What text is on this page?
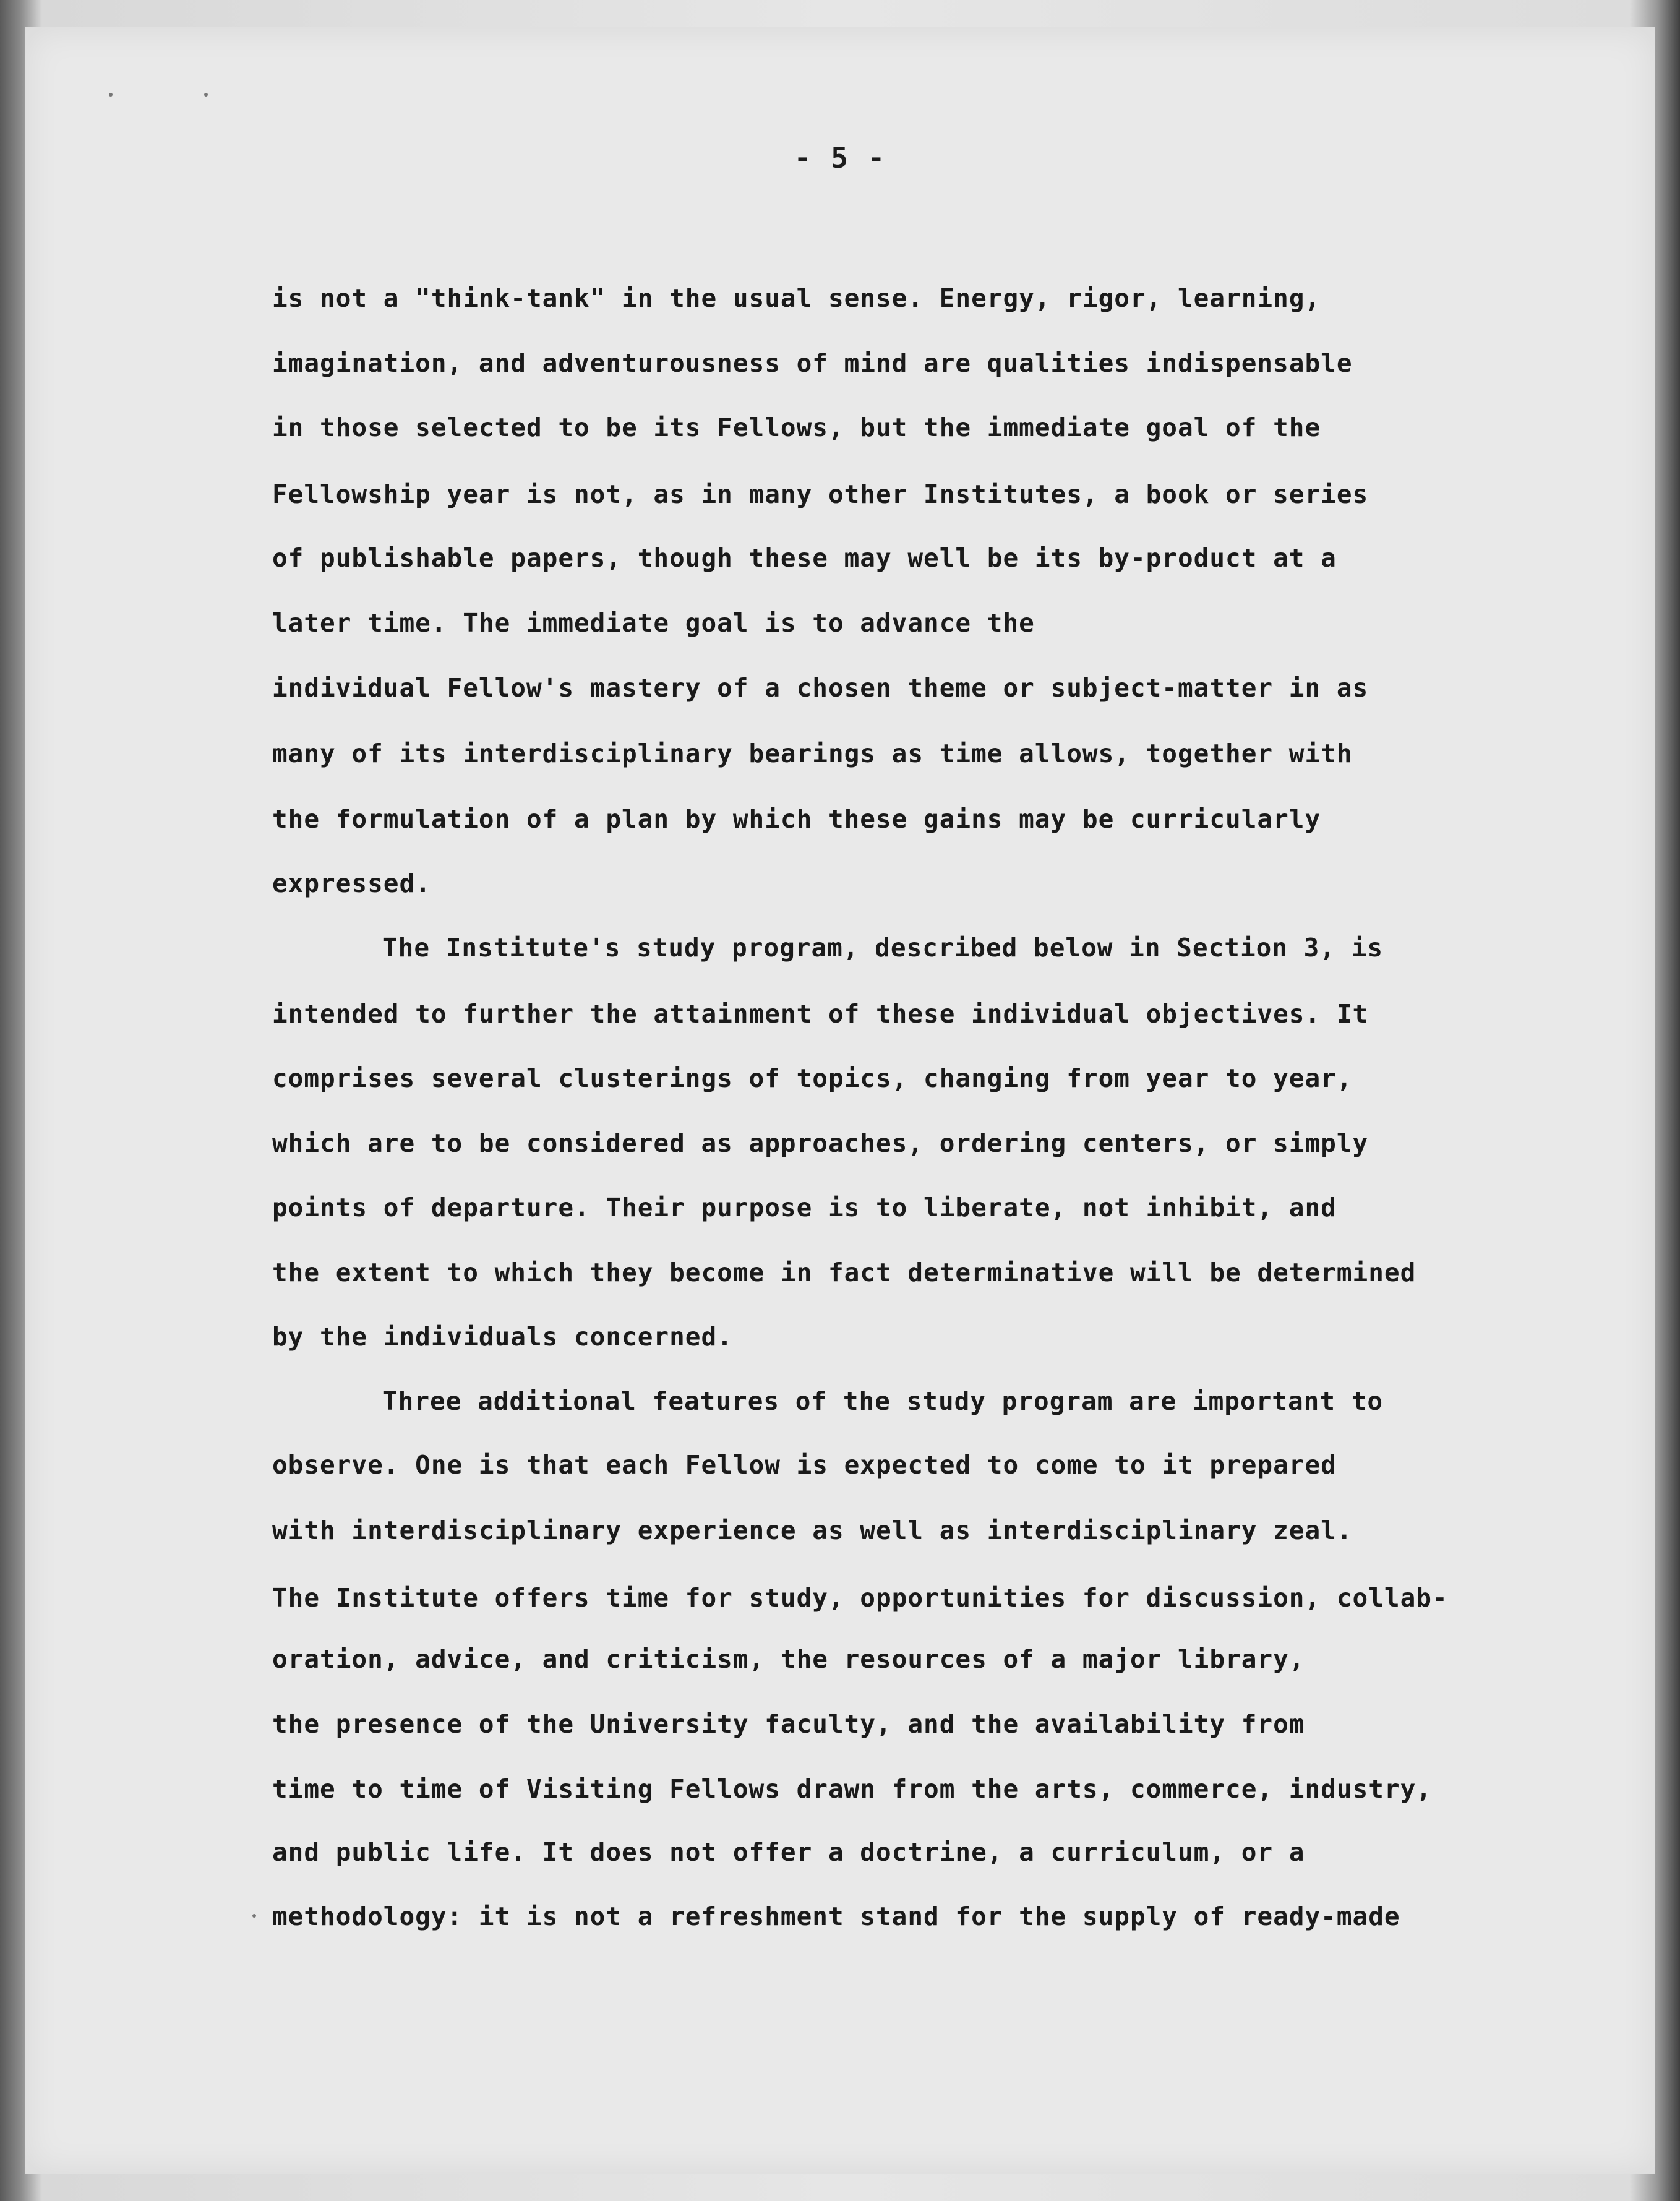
- 5 -
is not a "think-tank" in the usual sense. Energy, rigor, learning,
imagination, and adventurousness of mind are qualities indispensable
in those selected to be its Fellows, but the immediate goal of the
Fellowship year is not, as in many other Institutes, a book or series
of publishable papers, though these may well be its by-product at a
later time. The immediate goal is to advance the
individual Fellow's mastery of a chosen theme or subject-matter in as
many of its interdisciplinary bearings as time allows, together with
the formulation of a plan by which these gains may be curricularly
expressed.
The Institute's study program, described below in Section 3, is
intended to further the attainment of these individual objectives. It
comprises several clusterings of topics, changing from year to year,
which are to be considered as approaches, ordering centers, or simply
points of departure. Their purpose is to liberate, not inhibit, and
the extent to which they become in fact determinative will be determined
by the individuals concerned.
Three additional features of the study program are important to
observe. One is that each Fellow is expected to come to it prepared
with interdisciplinary experience as well as interdisciplinary zeal.
The Institute offers time for study, opportunities for discussion, collab-
oration, advice, and criticism, the resources of a major library,
the presence of the University faculty, and the availability from
time to time of Visiting Fellows drawn from the arts, commerce, industry,
and public life. It does not offer a doctrine, a curriculum, or a
methodology: it is not a refreshment stand for the supply of ready-made
